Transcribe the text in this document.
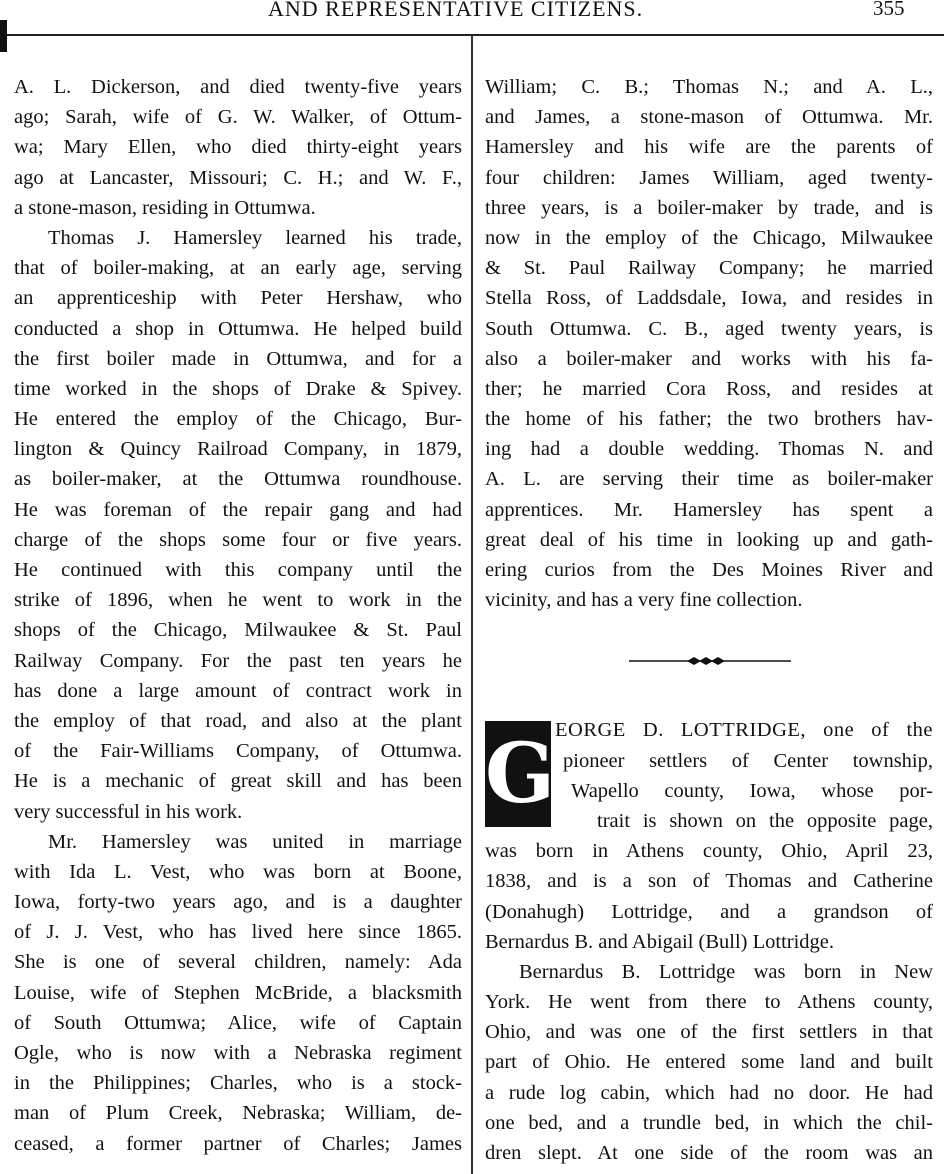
AND REPRESENTATIVE CITIZENS.	355
A. L. Dickerson, and died twenty-five years
ago; Sarah, wife of G. W. Walker, of Ottum-
wa; Mary Ellen, who died thirty-eight years
ago at Lancaster, Missouri; C. H.; and W. F.,
a stone-mason, residing in Ottumwa.
Thomas J. Hamersley learned his trade,
that of boiler-making, at an early age, serving
an apprenticeship with Peter Hershaw, who
conducted a shop in Ottumwa. He helped build
the first boiler made in Ottumwa, and for a
time worked in the shops of Drake & Spivey.
He entered the employ of the Chicago, Bur-
lington & Quincy Railroad Company, in 1879,
as boiler-maker, at the Ottumwa roundhouse.
He was foreman of the repair gang and had
charge of the shops some four or five years.
He continued with this company until the
strike of 1896, when he went to work in the
shops of the Chicago, Milwaukee & St. Paul
Railway Company. For the past ten years he
has done a large amount of contract work in
the employ of that road, and also at the plant
of the Fair-Williams Company, of Ottumwa.
He is a mechanic of great skill and has been
very successful in his work.
Mr. Hamersley was united in marriage
with Ida L. Vest, who was born at Boone,
Iowa, forty-two years ago, and is a daughter
of J. J. Vest, who has lived here since 1865.
She is one of several children, namely: Ada
Louise, wife of Stephen McBride, a blacksmith
of South Ottumwa; Alice, wife of Captain
Ogle, who is now with a Nebraska regiment
in the Philippines; Charles, who is a stock-
man of Plum Creek, Nebraska; William, de-
ceased, a former partner of Charles; James
William; C. B.; Thomas N.; and A. L.,
and James, a stone-mason of Ottumwa. Mr.
Hamersley and his wife are the parents of
four children: James William, aged twenty-
three years, is a boiler-maker by trade, and is
now in the employ of the Chicago, Milwaukee
& St. Paul Railway Company; he married
Stella Ross, of Laddsdale, Iowa, and resides in
South Ottumwa. C. B., aged twenty years, is
also a boiler-maker and works with his fa-
ther; he married Cora Ross, and resides at
the home of his father; the two brothers hav-
ing had a double wedding. Thomas N. and
A. L. are serving their time as boiler-maker
apprentices. Mr. Hamersley has spent a
great deal of his time in looking up and gath-
ering curios from the Des Moines River and
vicinity, and has a very fine collection.
G EORGE D. LOTTRIDGE, one of the
pioneer settlers of Center township,
Wapello county, Iowa, whose por-
trait is shown on the opposite page,
was born in Athens county, Ohio, April 23,
1838, and is a son of Thomas and Catherine
(Donahugh) Lottridge, and a grandson of
Bernardus B. and Abigail (Bull) Lottridge.
Bernardus B. Lottridge was born in New
York. He went from there to Athens county,
Ohio, and was one of the first settlers in that
part of Ohio. He entered some land and built
a rude log cabin, which had no door. He had
one bed, and a trundle bed, in which the chil-
dren slept. At one side of the room was an
